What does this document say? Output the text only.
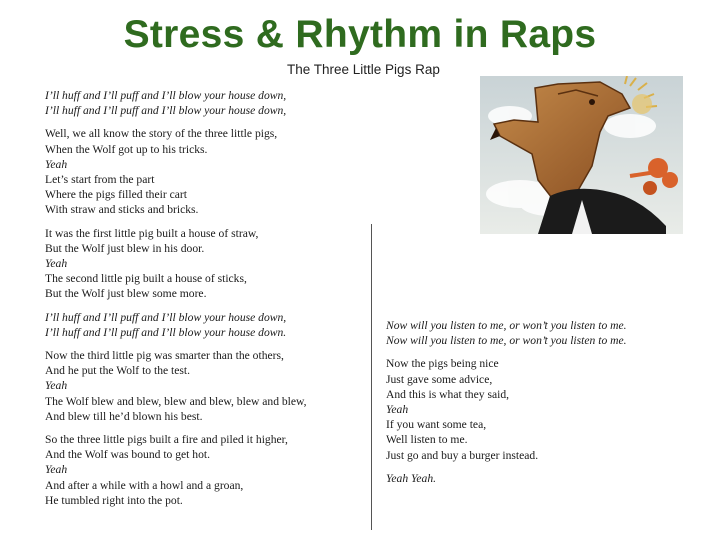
Stress & Rhythm in Raps
The Three Little Pigs Rap
I’ll huff and I’ll puff and I’ll blow your house down,
I’ll huff and I’ll puff and I’ll blow your house down,
Well, we all know the story of the three little pigs,
When the Wolf got up to his tricks.
Yeah
Let’s start from the part
Where the pigs filled their cart
With straw and sticks and bricks.
It was the first little pig built a house of straw,
But the Wolf just blew in his door.
Yeah
The second little pig built a house of sticks,
But the Wolf just blew some more.
I’ll huff and I’ll puff and I’ll blow your house down,
I’ll huff and I’ll puff and I’ll blow your house down.
Now the third little pig was smarter than the others,
And he put the Wolf to the test.
Yeah
The Wolf blew and blew, blew and blew, blew and blew,
And blew till he’d blown his best.
So the three little pigs built a fire and piled it higher,
And the Wolf was bound to get hot.
Yeah
And after a while with a howl and a groan,
He tumbled right into the pot.
Now will you listen to me, or won’t you listen to me.
Now will you listen to me, or won’t you listen to me.
Now the pigs being nice
Just gave some advice,
And this is what they said,
Yeah
If you want some tea,
Well listen to me.
Just go and buy a burger instead.
Yeah Yeah.
